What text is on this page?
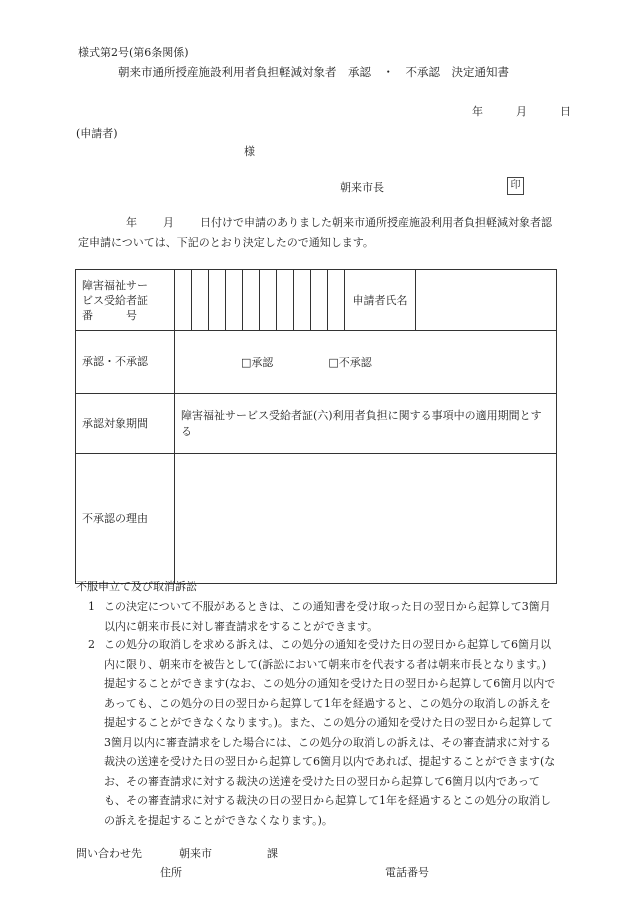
様式第2号(第6条関係)
朝来市通所授産施設利用者負担軽減対象者　承認　・　不承認　決定通知書
年	月	日
(申請者)
様
朝来市長	印
年 月 日付けで申請のありました朝来市通所授産施設利用者負担軽減対象者認定申請については、下記のとおり決定したので通知します。
障害福祉サー
ビス受給者証
番　　　号											申請者氏名	
承認・不承認	□承認 □不承認											
承認対象期間	障害福祉サービス受給者証(六)利用者負担に関する事項中の適用期間とする											
不承認の理由												
不服申立て及び取消訴訟
1 この決定について不服があるときは、この通知書を受け取った日の翌日から起算して3箇月以内に朝来市長に対し審査請求をすることができます。
2 この処分の取消しを求める訴えは、この処分の通知を受けた日の翌日から起算して6箇月以内に限り、朝来市を被告として(訴訟において朝来市を代表する者は朝来市長となります。)提起することができます(なお、この処分の通知を受けた日の翌日から起算して6箇月以内であっても、この処分の日の翌日から起算して1年を経過すると、この処分の取消しの訴えを提起することができなくなります。)。また、この処分の通知を受けた日の翌日から起算して3箇月以内に審査請求をした場合には、この処分の取消しの訴えは、その審査請求に対する裁決の送達を受けた日の翌日から起算して6箇月以内であれば、提起することができます(なお、その審査請求に対する裁決の送達を受けた日の翌日から起算して6箇月以内であっても、その審査請求に対する裁決の日の翌日から起算して1年を経過するとこの処分の取消しの訴えを提起することができなくなります。)。
問い合わせ先	朝来市	課
住所	電話番号
